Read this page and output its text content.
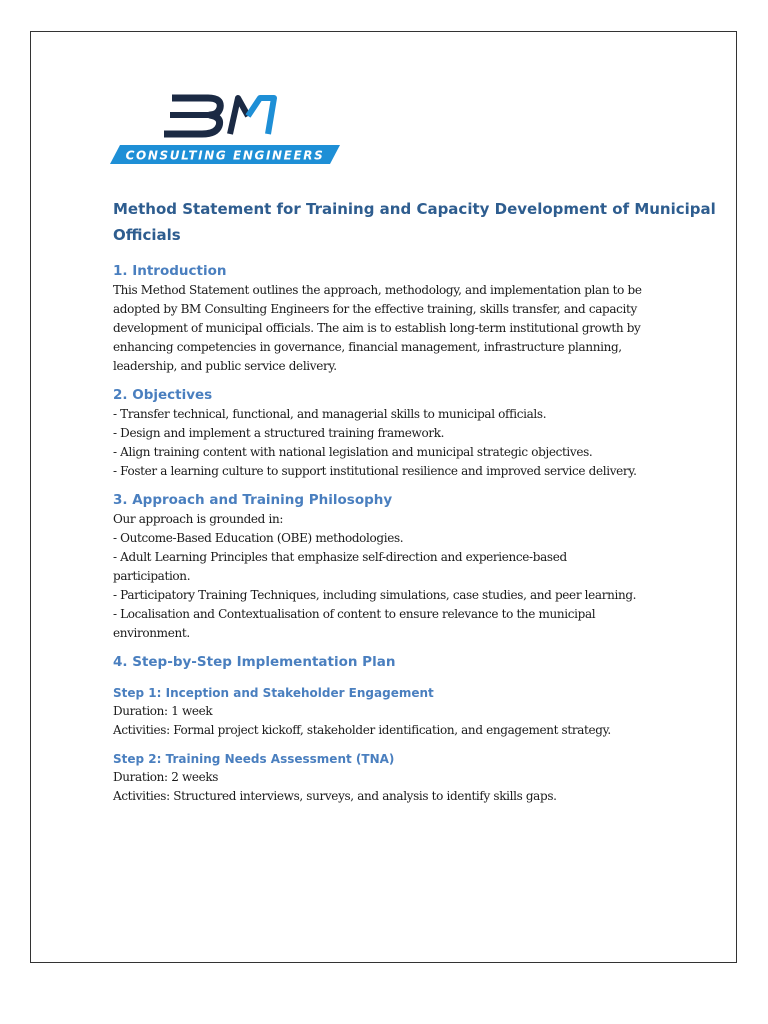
CONSULTING ENGINEERS
Method Statement for Training and Capacity Development of Municipal
Officials
1. Introduction
This Method Statement outlines the approach, methodology, and implementation plan to be
adopted by BM Consulting Engineers for the effective training, skills transfer, and capacity
development of municipal officials. The aim is to establish long-term institutional growth by
enhancing competencies in governance, financial management, infrastructure planning,
leadership, and public service delivery.
2. Objectives
- Transfer technical, functional, and managerial skills to municipal officials.
- Design and implement a structured training framework.
- Align training content with national legislation and municipal strategic objectives.
- Foster a learning culture to support institutional resilience and improved service delivery.
3. Approach and Training Philosophy
Our approach is grounded in:
- Outcome-Based Education (OBE) methodologies.
- Adult Learning Principles that emphasize self-direction and experience-based
participation.
- Participatory Training Techniques, including simulations, case studies, and peer learning.
- Localisation and Contextualisation of content to ensure relevance to the municipal
environment.
4. Step-by-Step Implementation Plan
Step 1: Inception and Stakeholder Engagement
Duration: 1 week
Activities: Formal project kickoff, stakeholder identification, and engagement strategy.
Step 2: Training Needs Assessment (TNA)
Duration: 2 weeks
Activities: Structured interviews, surveys, and analysis to identify skills gaps.
